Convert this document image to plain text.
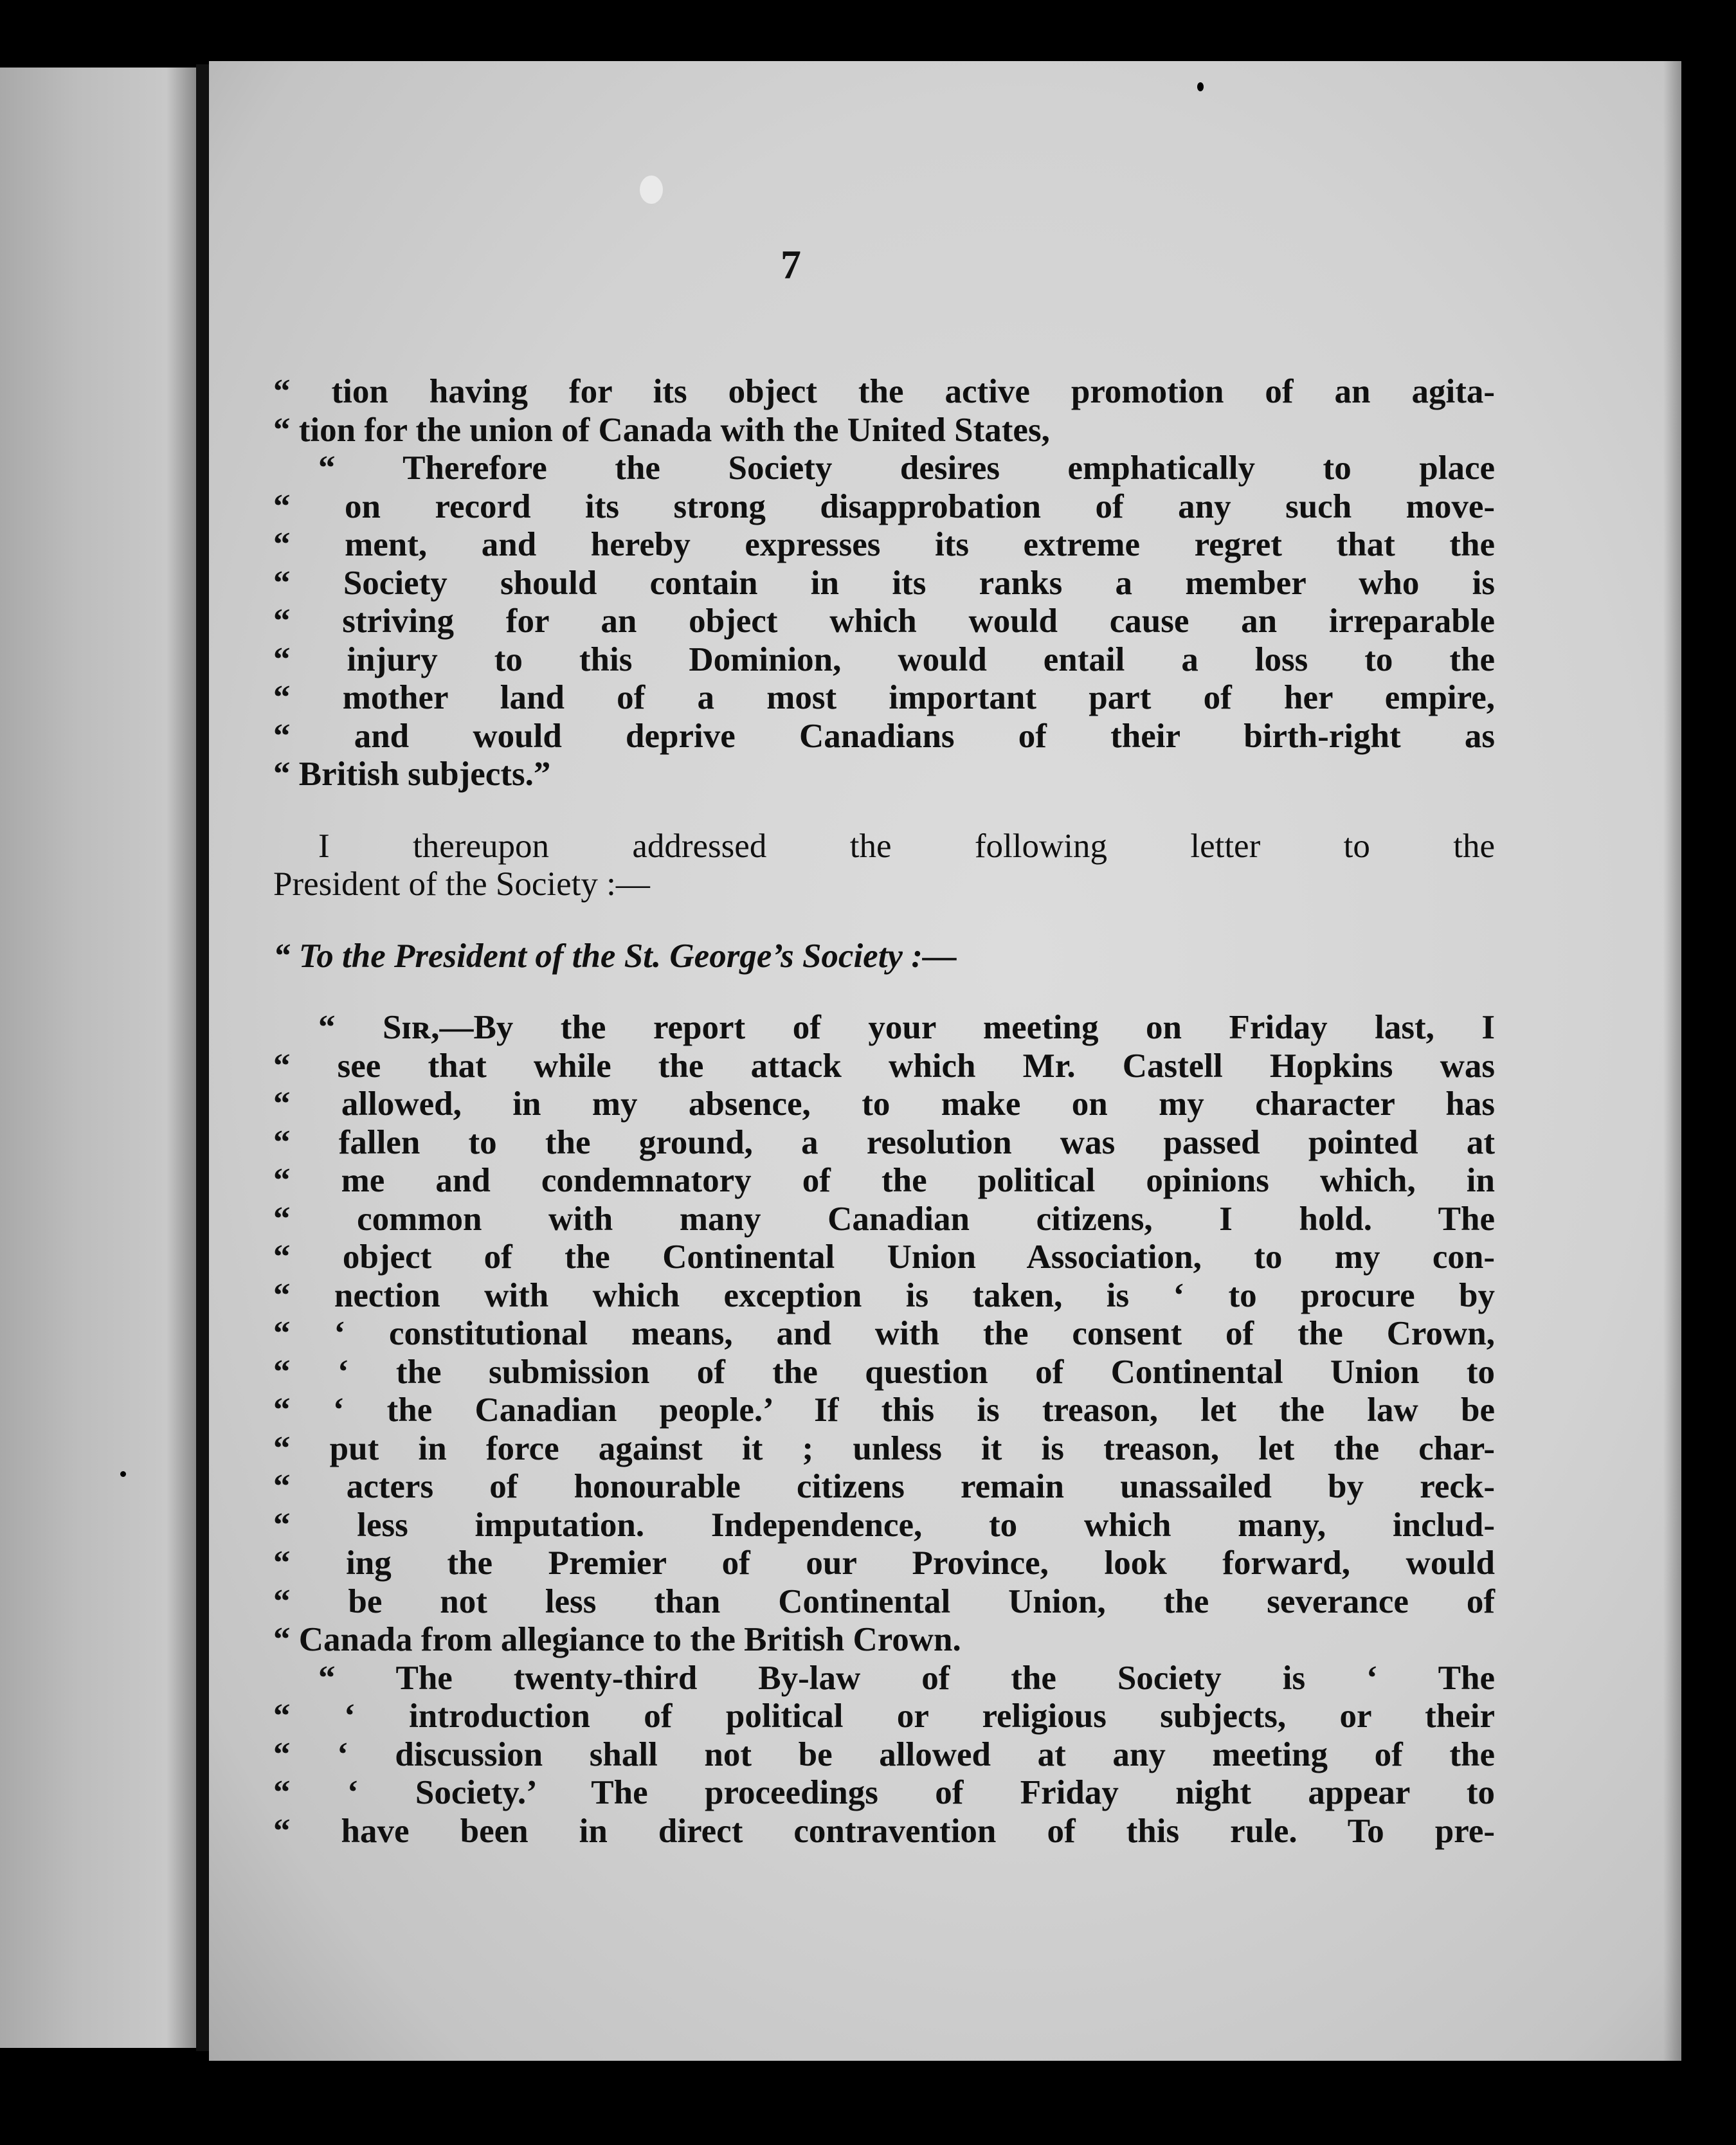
7
“ tion having for its object the active promotion of an agita-
“ tion for the union of Canada with the United States,
“ Therefore the Society desires emphatically to place
“ on record its strong disapprobation of any such move-
“ ment, and hereby expresses its extreme regret that the
“ Society should contain in its ranks a member who is
“ striving for an object which would cause an irreparable
“ injury to this Dominion, would entail a loss to the
“ mother land of a most important part of her empire,
“ and would deprive Canadians of their birth-right as
“ British subjects.”
I thereupon addressed the following letter to the
President of the Society :—
“ To the President of the St. George’s Society :—
“ Sɪʀ,—By the report of your meeting on Friday last, I
“ see that while the attack which Mr. Castell Hopkins was
“ allowed, in my absence, to make on my character has
“ fallen to the ground, a resolution was passed pointed at
“ me and condemnatory of the political opinions which, in
“ common with many Canadian citizens, I hold. The
“ object of the Continental Union Association, to my con-
“ nection with which exception is taken, is ‘ to procure by
“ ‘ constitutional means, and with the consent of the Crown,
“ ‘ the submission of the question of Continental Union to
“ ‘ the Canadian people.’ If this is treason, let the law be
“ put in force against it ; unless it is treason, let the char-
“ acters of honourable citizens remain unassailed by reck-
“ less imputation. Independence, to which many, includ-
“ ing the Premier of our Province, look forward, would
“ be not less than Continental Union, the severance of
“ Canada from allegiance to the British Crown.
“ The twenty-third By-law of the Society is ‘ The
“ ‘ introduction of political or religious subjects, or their
“ ‘ discussion shall not be allowed at any meeting of the
“ ‘ Society.’ The proceedings of Friday night appear to
“ have been in direct contravention of this rule. To pre-
